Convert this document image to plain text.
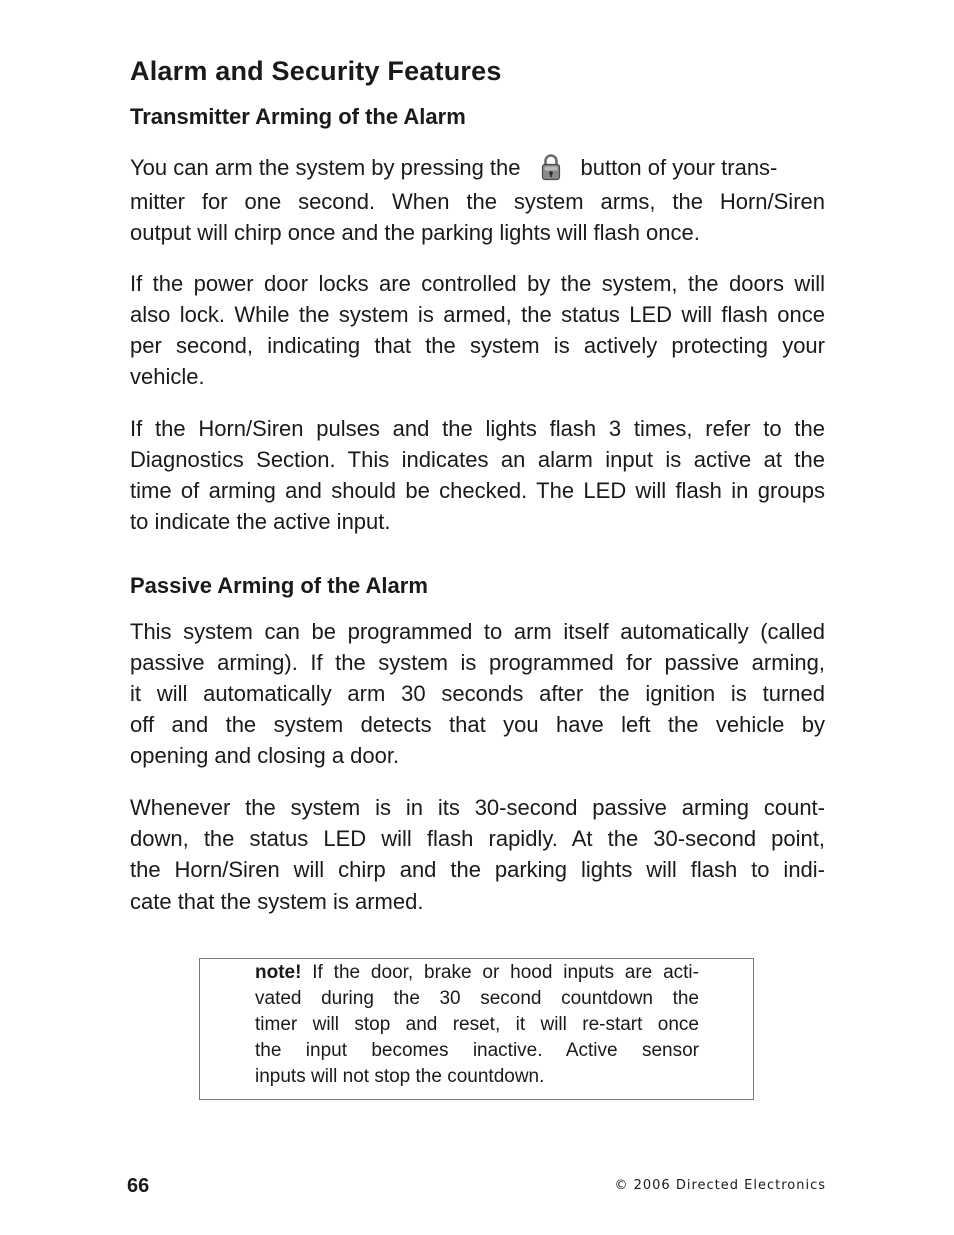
Alarm and Security Features
Transmitter Arming of the Alarm

You can arm the system by pressing the	button of your trans-
mitter for one second. When the system arms, the Horn/Siren
output will chirp once and the parking lights will flash once.

If the power door locks are controlled by the system, the doors will
also lock. While the system is armed, the status LED will flash once
per second, indicating that the system is actively protecting your
vehicle.

If the Horn/Siren pulses and the lights flash 3 times, refer to the
Diagnostics Section. This indicates an alarm input is active at the
time of arming and should be checked. The LED will flash in groups
to indicate the active input.

Passive Arming of the Alarm

This system can be programmed to arm itself automatically (called
passive arming). If the system is programmed for passive arming,
it will automatically arm 30 seconds after the ignition is turned
off and the system detects that you have left the vehicle by
opening and closing a door.

Whenever the system is in its 30-second passive arming count-
down, the status LED will flash rapidly. At the 30-second point,
the Horn/Siren will chirp and the parking lights will flash to indi-
cate that the system is armed.

note! If the door, brake or hood inputs are acti-
vated during the 30 second countdown the
timer will stop and reset, it will re-start once
the input becomes inactive. Active sensor
inputs will not stop the countdown.

66	© 2006 Directed Electronics
